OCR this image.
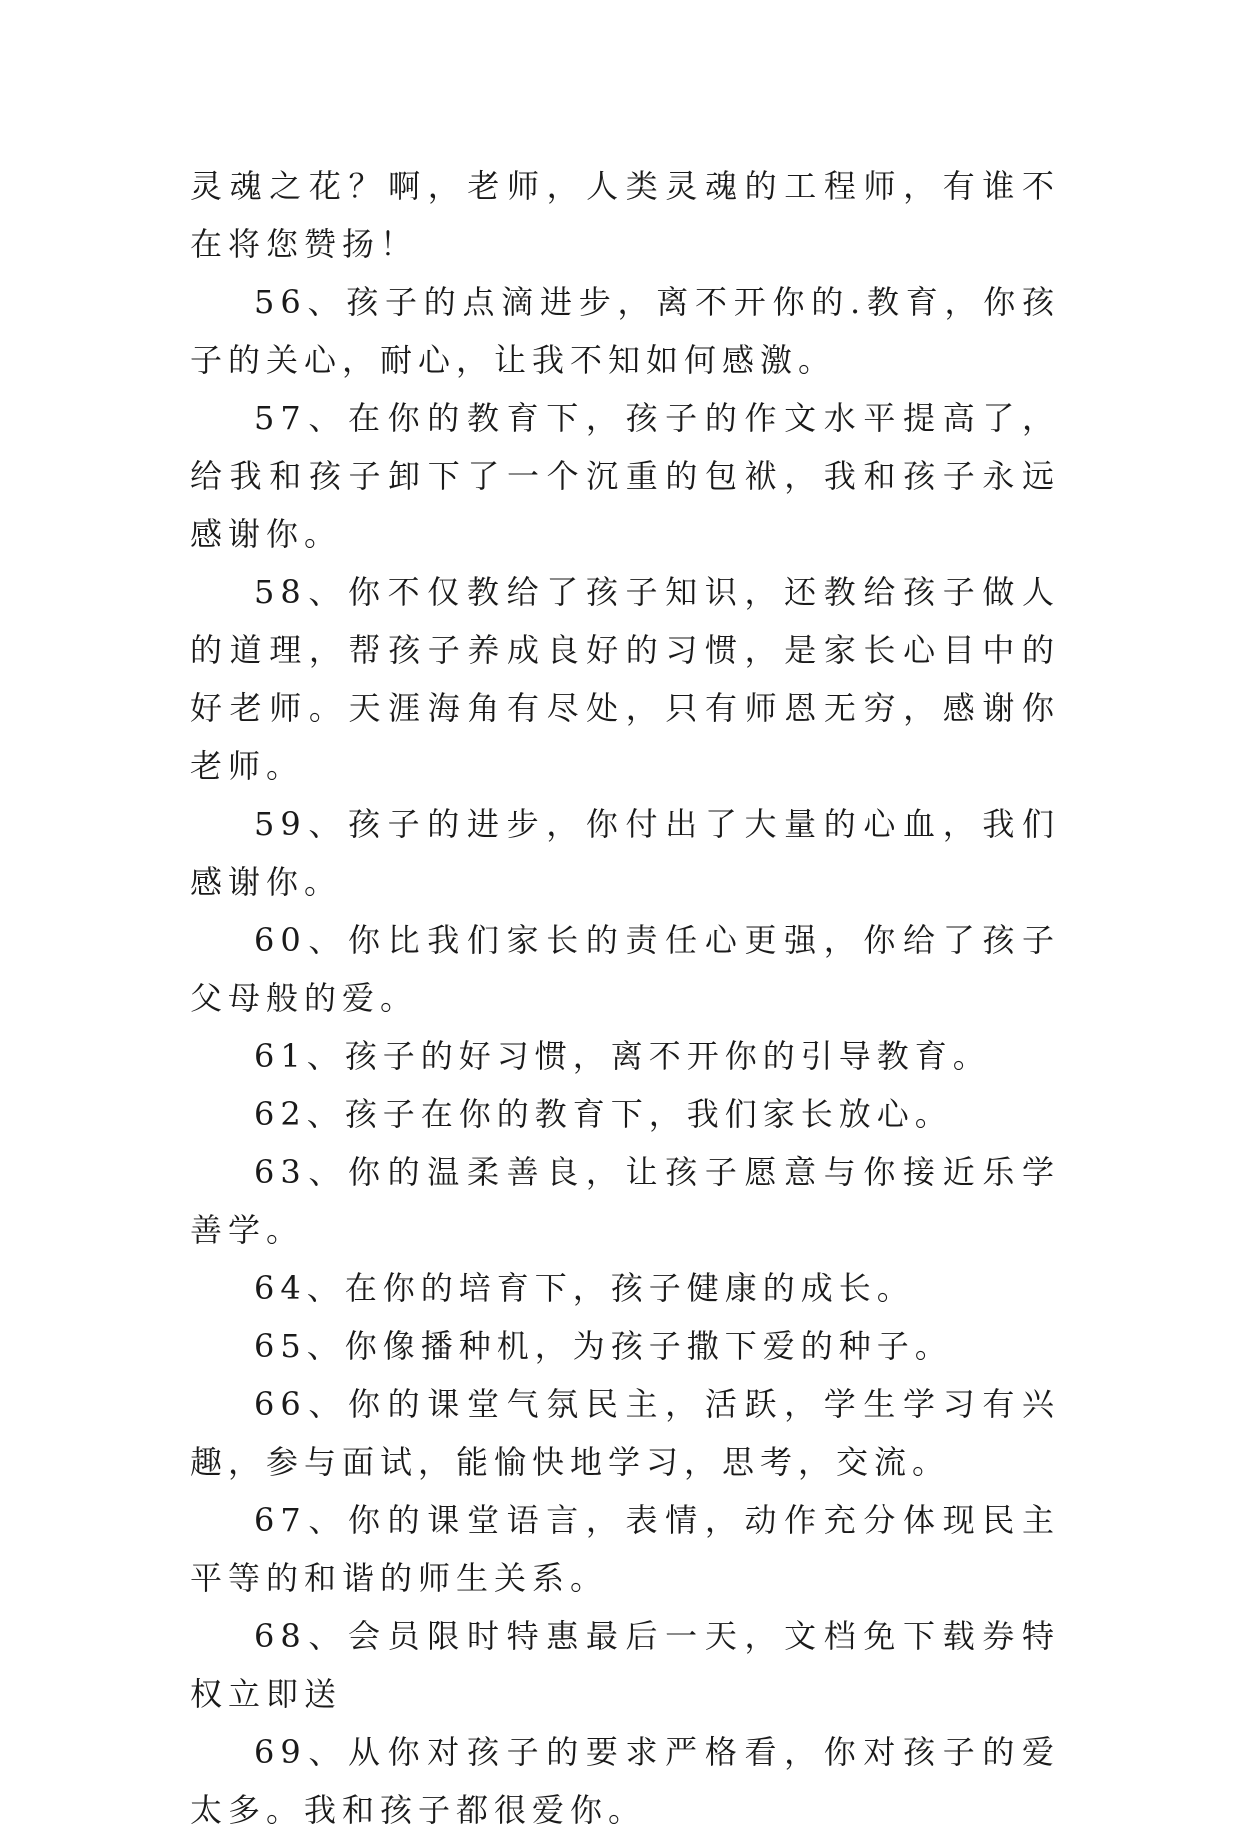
灵魂之花？啊，老师，人类灵魂的工程师，有谁不在将您赞扬！

56、孩子的点滴进步，离不开你的.教育，你孩子的关心，耐心，让我不知如何感激。

57、在你的教育下，孩子的作文水平提高了，给我和孩子卸下了一个沉重的包袱，我和孩子永远感谢你。

58、你不仅教给了孩子知识，还教给孩子做人的道理，帮孩子养成良好的习惯，是家长心目中的好老师。天涯海角有尽处，只有师恩无穷，感谢你老师。

59、孩子的进步，你付出了大量的心血，我们感谢你。

60、你比我们家长的责任心更强，你给了孩子父母般的爱。

61、孩子的好习惯，离不开你的引导教育。

62、孩子在你的教育下，我们家长放心。

63、你的温柔善良，让孩子愿意与你接近乐学善学。

64、在你的培育下，孩子健康的成长。

65、你像播种机，为孩子撒下爱的种子。

66、你的课堂气氛民主，活跃，学生学习有兴趣，参与面试，能愉快地学习，思考，交流。

67、你的课堂语言，表情，动作充分体现民主平等的和谐的师生关系。

68、会员限时特惠最后一天，文档免下载券特权立即送

69、从你对孩子的要求严格看，你对孩子的爱太多。我和孩子都很爱你。
